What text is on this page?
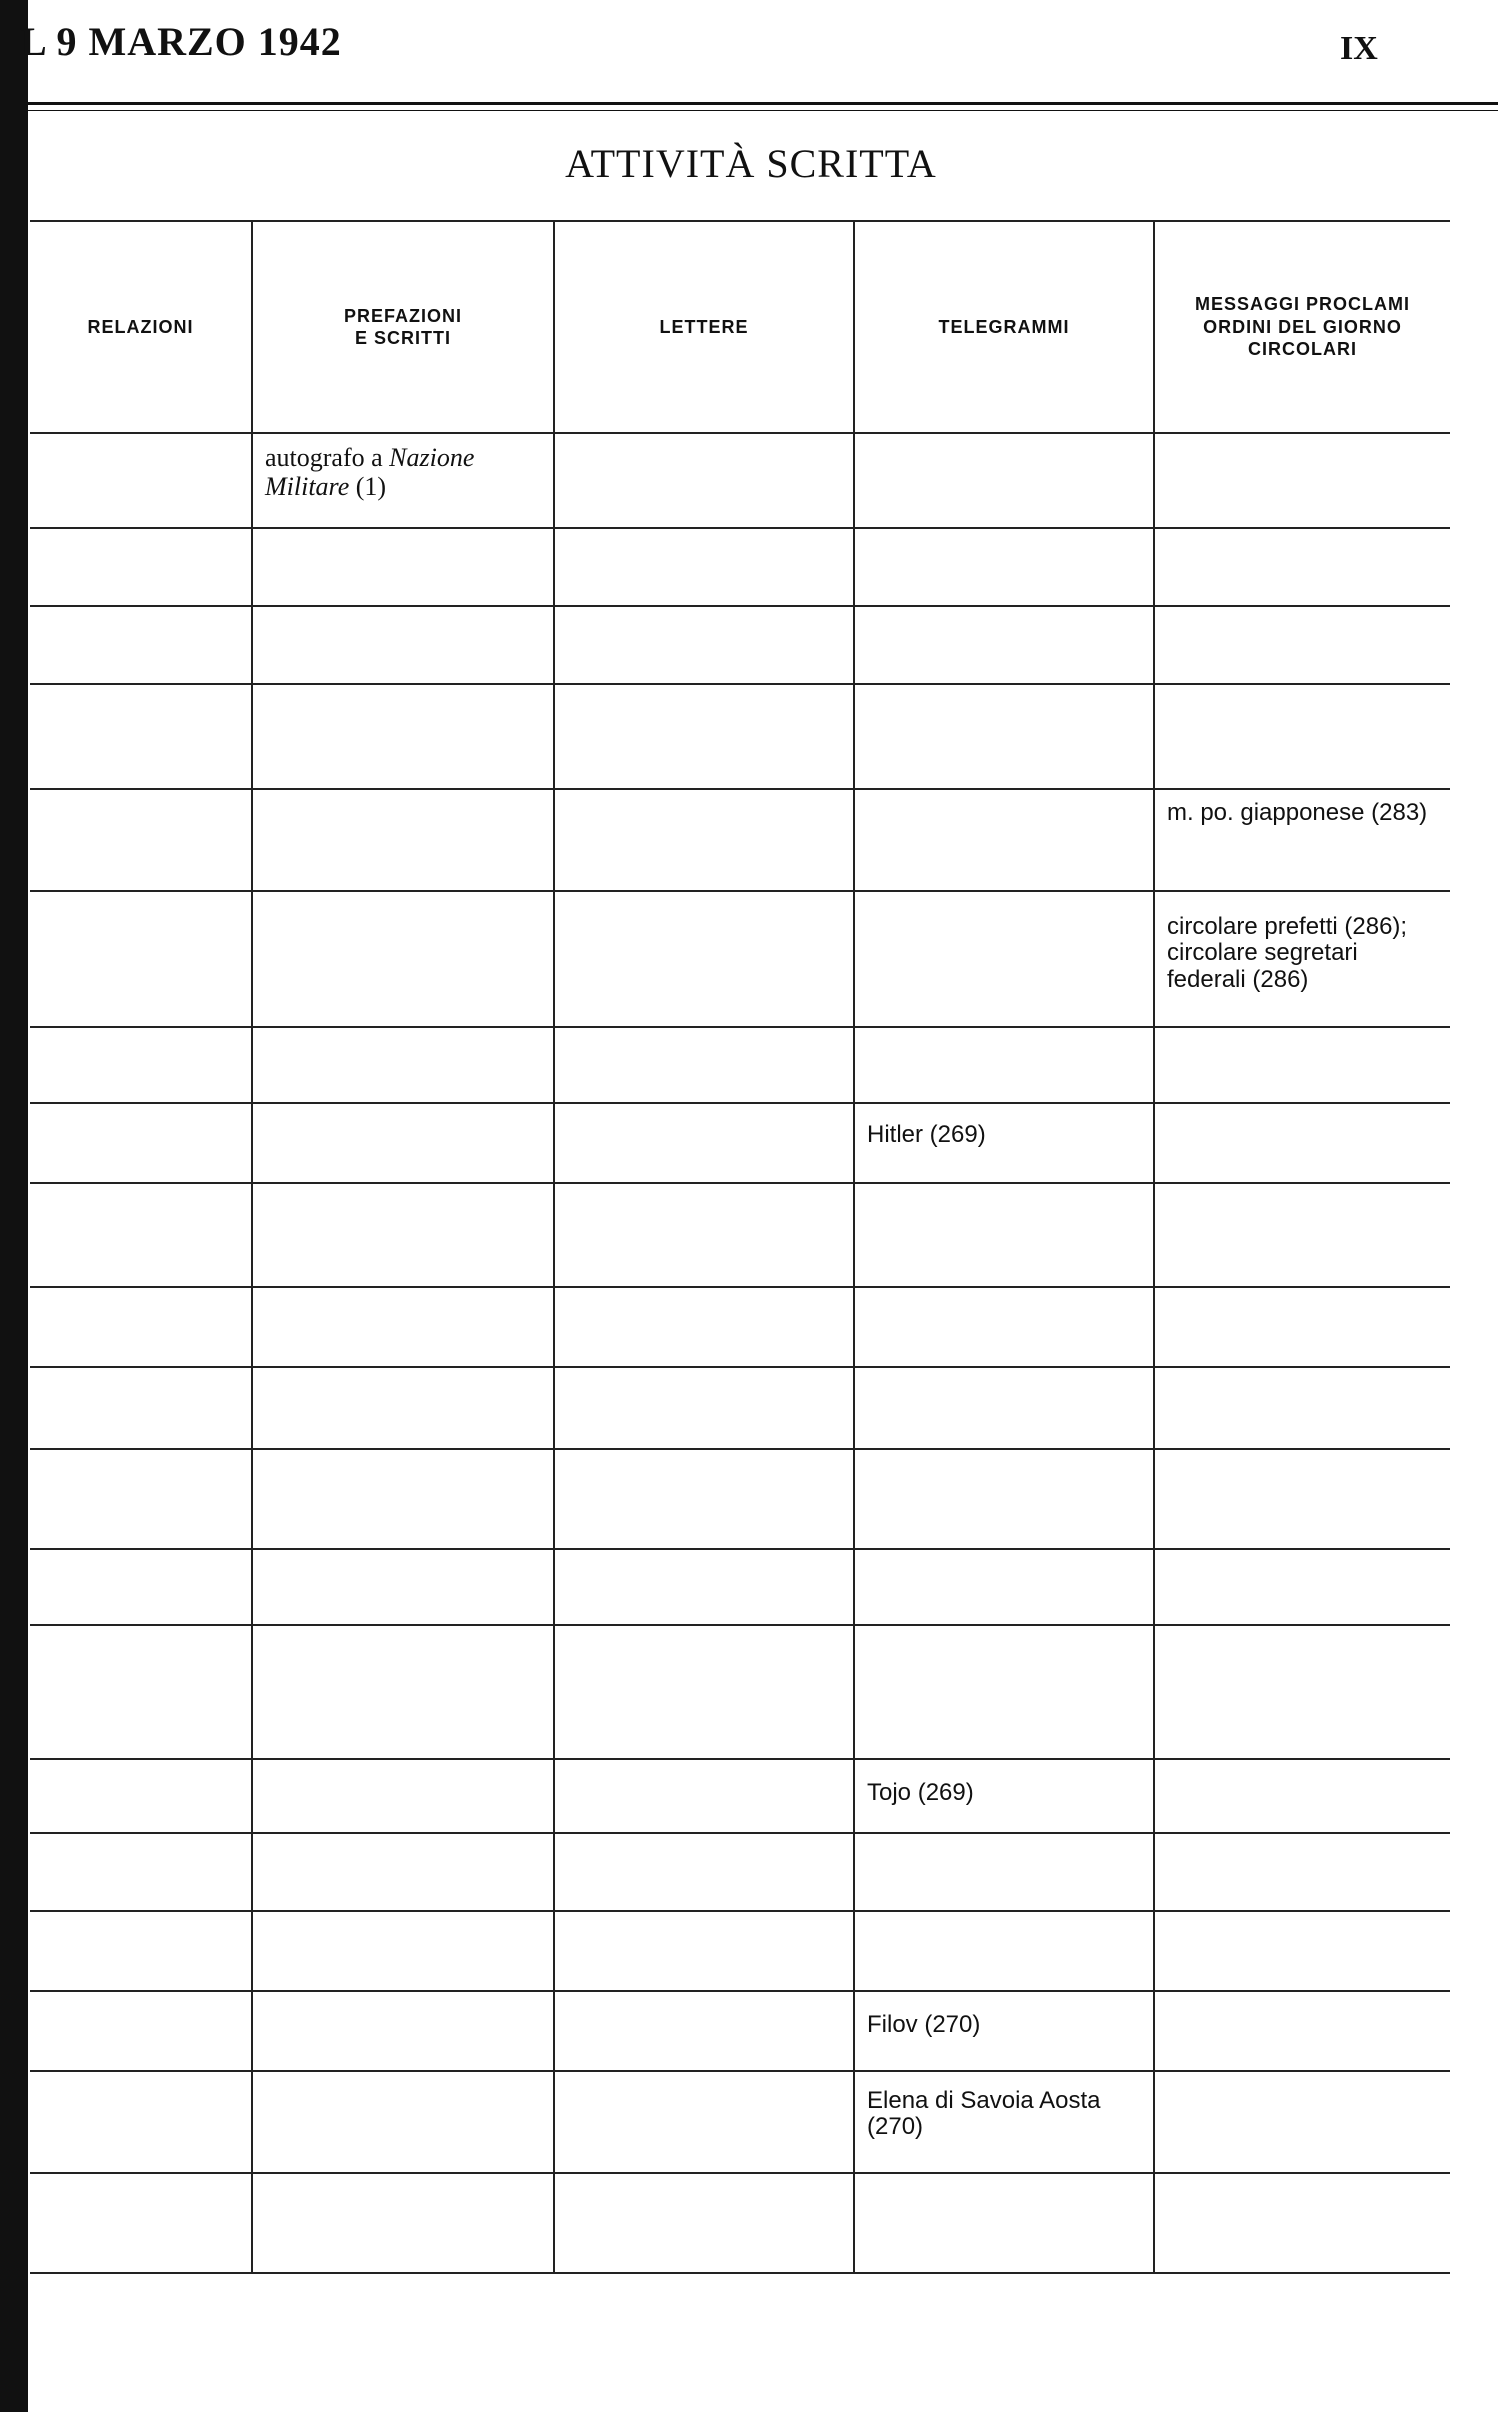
L 9 MARZO 1942	IX
ATTIVITÀ SCRITTA
RELAZIONI	PREFAZIONI E SCRITTI	LETTERE	TELEGRAMMI	MESSAGGI PROCLAMI ORDINI DEL GIORNO CIRCOLARI

	autografo a Nazione Militare (1)			

				m. po. giapponese (283)

				circolare prefetti (286); circolare segretari federali (286)

			Hitler (269)	

			Tojo (269)	

			Filov (270)	

			Elena di Savoia Aosta (270)	
